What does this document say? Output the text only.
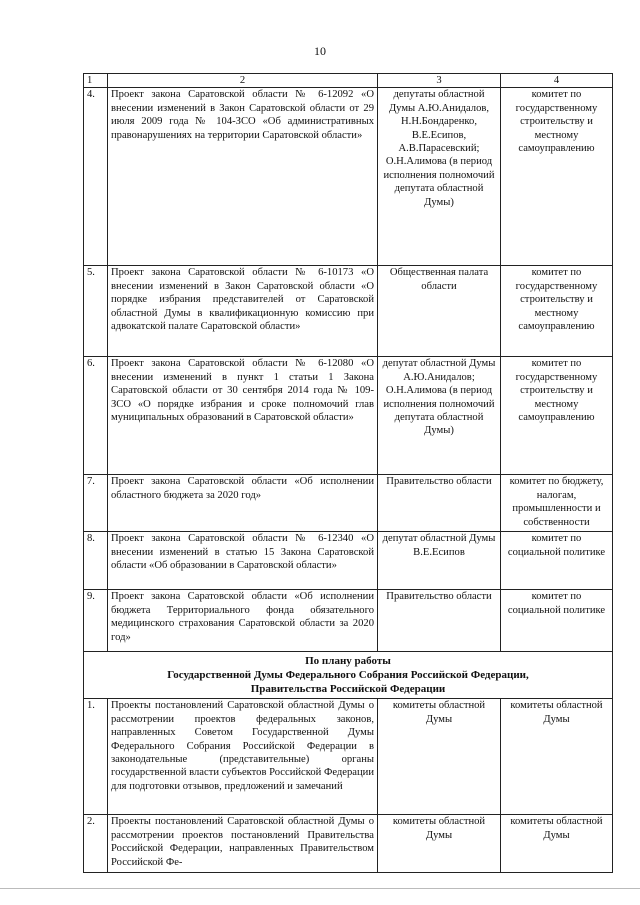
10
1	2	3	4
4.	Проект закона Саратовской области № 6-12092 «О внесении изменений в Закон Саратовской области от 29 июля 2009 года № 104-ЗСО «Об административных правонарушениях на территории Саратовской области»	депутаты областной Думы А.Ю.Анидалов, Н.Н.Бондаренко, В.Е.Есипов, А.В.Парасевский; О.Н.Алимова (в период исполнения полномочий депутата областной Думы)	комитет по государственному строительству и местному самоуправлению
5.	Проект закона Саратовской области № 6-10173 «О внесении изменений в Закон Саратовской области «О порядке избрания представителей от Саратовской областной Думы в квалификационную комиссию при адвокатской палате Саратовской области»	Общественная палата области	комитет по государственному строительству и местному самоуправлению
6.	Проект закона Саратовской области № 6-12080 «О внесении изменений в пункт 1 статьи 1 Закона Саратовской области от 30 сентября 2014 года № 109-ЗСО «О порядке избрания и сроке полномочий глав муниципальных образований в Саратовской области»	депутат областной Думы А.Ю.Анидалов; О.Н.Алимова (в период исполнения полномочий депутата областной Думы)	комитет по государственному строительству и местному самоуправлению
7.	Проект закона Саратовской области «Об исполнении областного бюджета за 2020 год»	Правительство области	комитет по бюджету, налогам, промышленности и собственности
8.	Проект закона Саратовской области № 6-12340 «О внесении изменений в статью 15 Закона Саратовской области «Об образовании в Саратовской области»	депутат областной Думы В.Е.Есипов	комитет по социальной политике
9.	Проект закона Саратовской области «Об исполнении бюджета Территориального фонда обязательного медицинского страхования Саратовской области за 2020 год»	Правительство области	комитет по социальной политике

По плану работы
Государственной Думы Федерального Собрания Российской Федерации,
Правительства Российской Федерации			

1.	Проекты постановлений Саратовской областной Думы о рассмотрении проектов федеральных законов, направленных Советом Государственной Думы Федерального Собрания Российской Федерации в законодательные (представительные) органы государственной власти субъектов Российской Федерации для подготовки отзывов, предложений и замечаний	комитеты областной Думы	комитеты областной Думы
2.	Проекты постановлений Саратовской областной Думы о рассмотрении проектов постановлений Правительства Российской Федерации, направленных Правительством Российской Фе-	комитеты областной Думы	комитеты областной Думы
